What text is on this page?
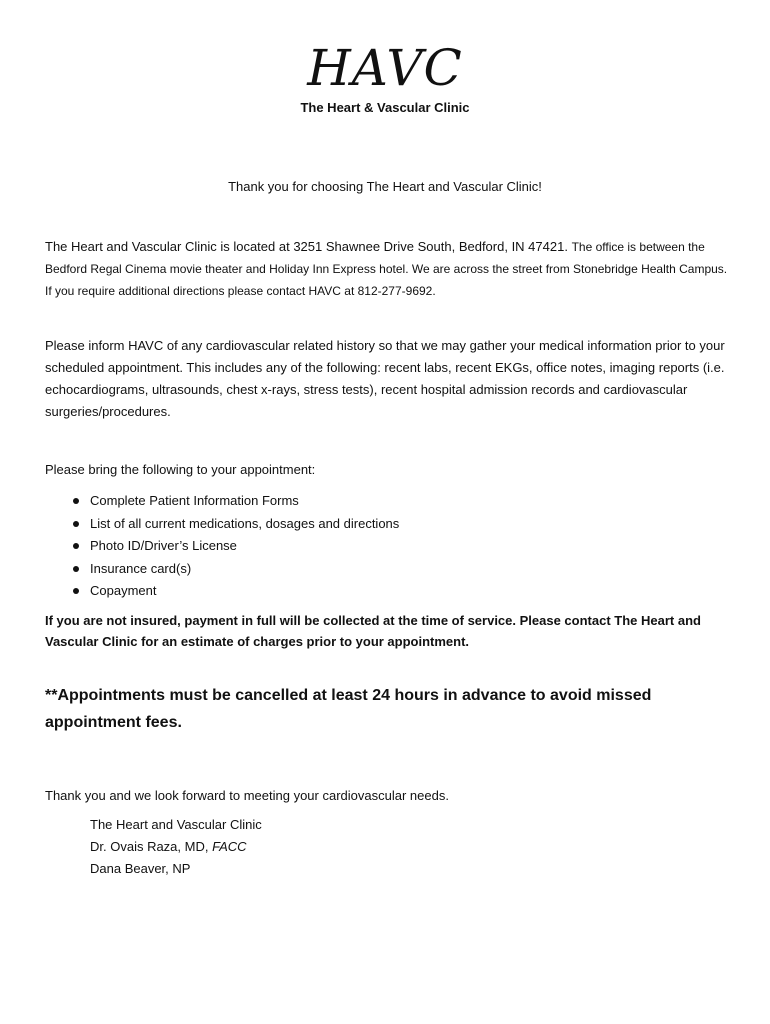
HAVC
The Heart & Vascular Clinic
Thank you for choosing The Heart and Vascular Clinic!
The Heart and Vascular Clinic is located at 3251 Shawnee Drive South, Bedford, IN 47421. The office is between the Bedford Regal Cinema movie theater and Holiday Inn Express hotel. We are across the street from Stonebridge Health Campus. If you require additional directions please contact HAVC at 812-277-9692.
Please inform HAVC of any cardiovascular related history so that we may gather your medical information prior to your scheduled appointment. This includes any of the following: recent labs, recent EKGs, office notes, imaging reports (i.e. echocardiograms, ultrasounds, chest x-rays, stress tests), recent hospital admission records and cardiovascular surgeries/procedures.
Please bring the following to your appointment:
Complete Patient Information Forms
List of all current medications, dosages and directions
Photo ID/Driver’s License
Insurance card(s)
Copayment
If you are not insured, payment in full will be collected at the time of service. Please contact The Heart and Vascular Clinic for an estimate of charges prior to your appointment.
**Appointments must be cancelled at least 24 hours in advance to avoid missed appointment fees.
Thank you and we look forward to meeting your cardiovascular needs.
The Heart and Vascular Clinic
Dr. Ovais Raza, MD, FACC
Dana Beaver, NP
